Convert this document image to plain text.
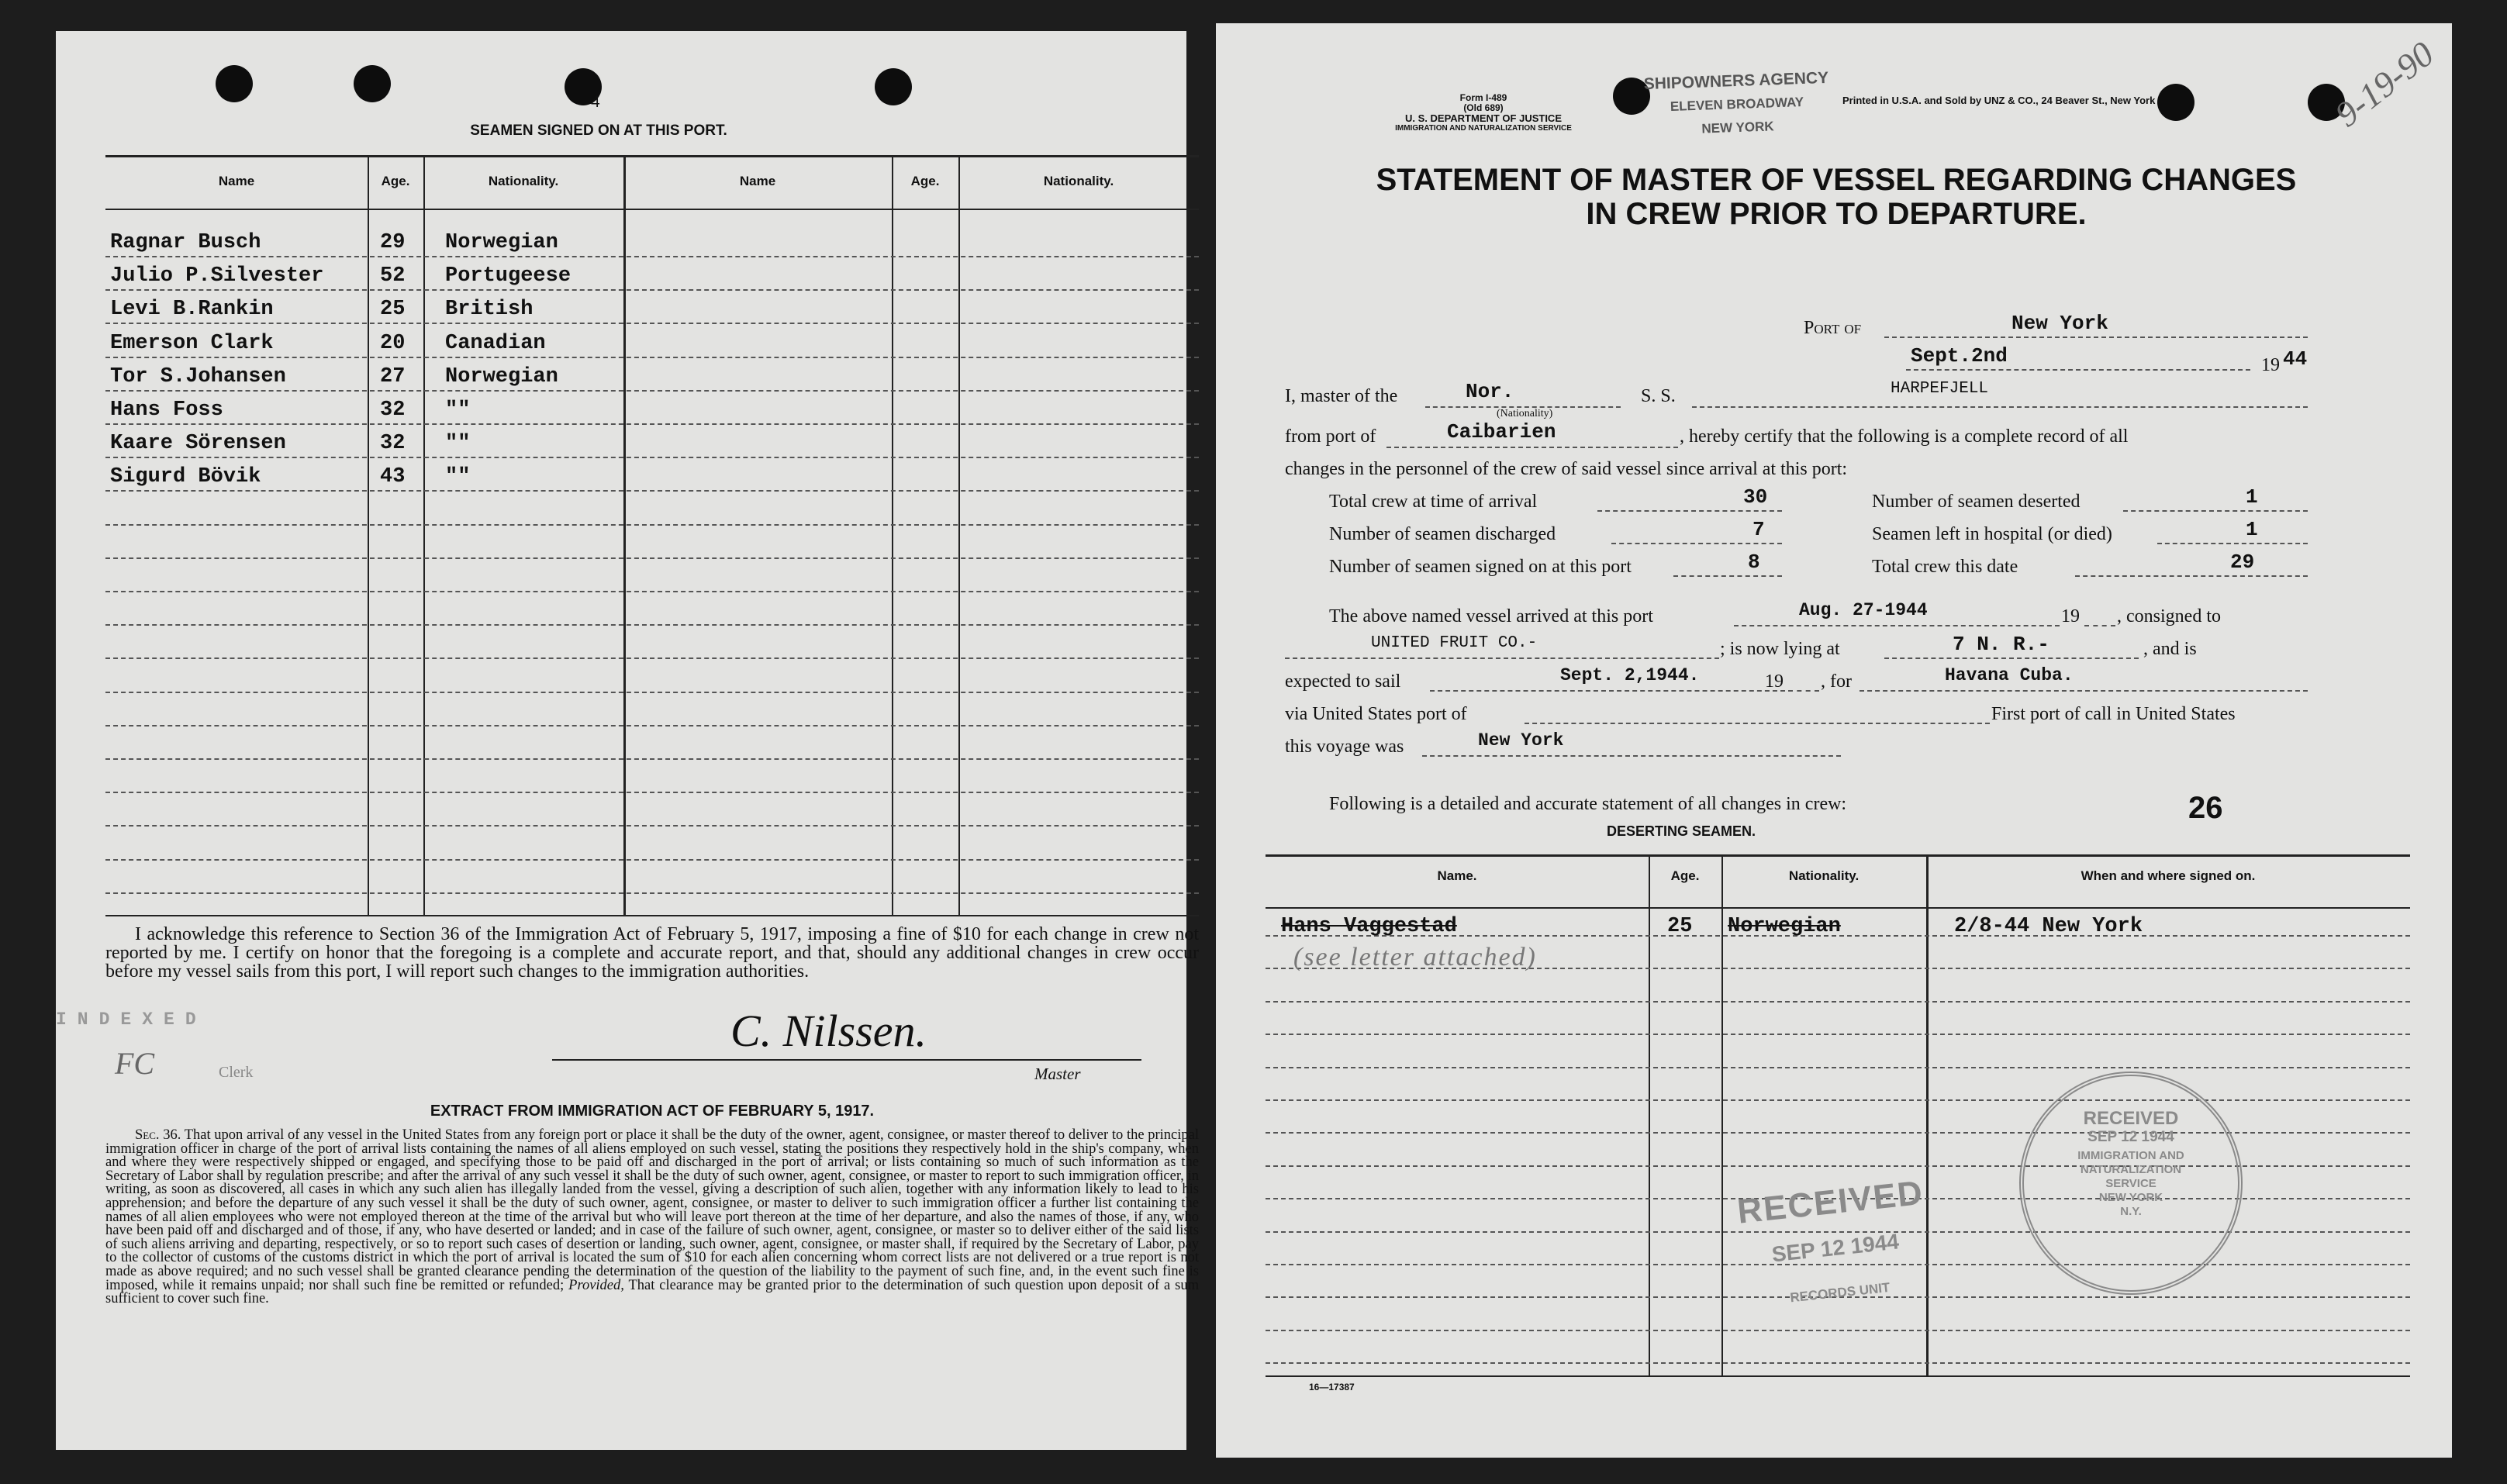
4
SEAMEN SIGNED ON AT THIS PORT.
Name	Age.	Nationality.	Name	Age.	Nationality.
Ragnar Busch	29 Norwegian
Julio P.Silvester	52 Portugeese
Levi B.Rankin	25 British
Emerson Clark	20 Canadian
Tor S.Johansen	27 Norwegian
Hans Foss	32 ""
Kaare Sörensen	32 ""
Sigurd Bövik	43 ""
I acknowledge this reference to Section 36 of the Immigration Act of February 5, 1917, imposing a fine of $10 for each change in crew not reported by me. I certify on honor that the foregoing is a complete and accurate report, and that, should any additional changes in crew occur before my vessel sails from this port, I will report such changes to the immigration authorities.
INDEXED
FC	Clerk
C. Nilssen.
Master
EXTRACT FROM IMMIGRATION ACT OF FEBRUARY 5, 1917.
Sec. 36. That upon arrival of any vessel in the United States from any foreign port or place it shall be the duty of the owner, agent, consignee, or master thereof to deliver to the principal immigration officer in charge of the port of arrival lists containing the names of all aliens employed on such vessel, stating the positions they respectively hold in the ship's company, when and where they were respectively shipped or engaged, and specifying those to be paid off and discharged in the port of arrival; or lists containing so much of such information as the Secretary of Labor shall by regulation prescribe; and after the arrival of any such vessel it shall be the duty of such owner, agent, consignee, or master to report to such immigration officer, in writing, as soon as discovered, all cases in which any such alien has illegally landed from the vessel, giving a description of such alien, together with any information likely to lead to his apprehension; and before the departure of any such vessel it shall be the duty of such owner, agent, consignee, or master to deliver to such immigration officer a further list containing the names of all alien employees who were not employed thereon at the time of the arrival but who will leave port thereon at the time of her departure, and also the names of those, if any, who have been paid off and discharged and of those, if any, who have deserted or landed; and in case of the failure of such owner, agent, consignee, or master so to deliver either of the said lists of such aliens arriving and departing, respectively, or so to report such cases of desertion or landing, such owner, agent, consignee, or master shall, if required by the Secretary of Labor, pay to the collector of customs of the customs district in which the port of arrival is located the sum of $10 for each alien concerning whom correct lists are not delivered or a true report is not made as above required; and no such vessel shall be granted clearance pending the determination of the question of the liability to the payment of such fine, and, in the event such fine is imposed, while it remains unpaid; nor shall such fine be remitted or refunded; Provided, That clearance may be granted prior to the determination of such question upon deposit of a sum sufficient to cover such fine.
Form I-489
(Old 689)
U. S. DEPARTMENT OF JUSTICE
IMMIGRATION AND NATURALIZATION SERVICE
SHIPOWNERS AGENCY
ELEVEN BROADWAY
NEW YORK
Printed in U.S.A. and Sold by UNZ & CO., 24 Beaver St., New York	9-19-90
STATEMENT OF MASTER OF VESSEL REGARDING CHANGES
IN CREW PRIOR TO DEPARTURE.
Port of	New York
Sept.2nd	19 44
I, master of the	Nor.
(Nationality)
S. S.	HARPEFJELL
from port of	Caibarien	, hereby certify that the following is a complete record of all
changes in the personnel of the crew of said vessel since arrival at this port:
Total crew at time of arrival	30	Number of seamen deserted	1
Number of seamen discharged	7	Seamen left in hospital (or died)	1
Number of seamen signed on at this port	8	Total crew this date	29
The above named vessel arrived at this port	Aug. 27-1944	19 , consigned to
UNITED FRUIT CO.-	; is now lying at	7 N. R.-	, and is
expected to sail	Sept. 2,1944.	19 , for	Havana Cuba.
via United States port of	First port of call in United States
this voyage was	New York
Following is a detailed and accurate statement of all changes in crew:	26
DESERTING SEAMEN.
Name.	Age.	Nationality.	When and where signed on.
Hans Vaggestad	25 Norwegian	2/8-44 New York
(see letter attached)
16—17387
RECEIVED
SEP 12 1944
RECORDS UNIT
RECEIVED
SEP 12 1944
IMMIGRATION AND
NATURALIZATION
SERVICE
NEW YORK
N.Y.
